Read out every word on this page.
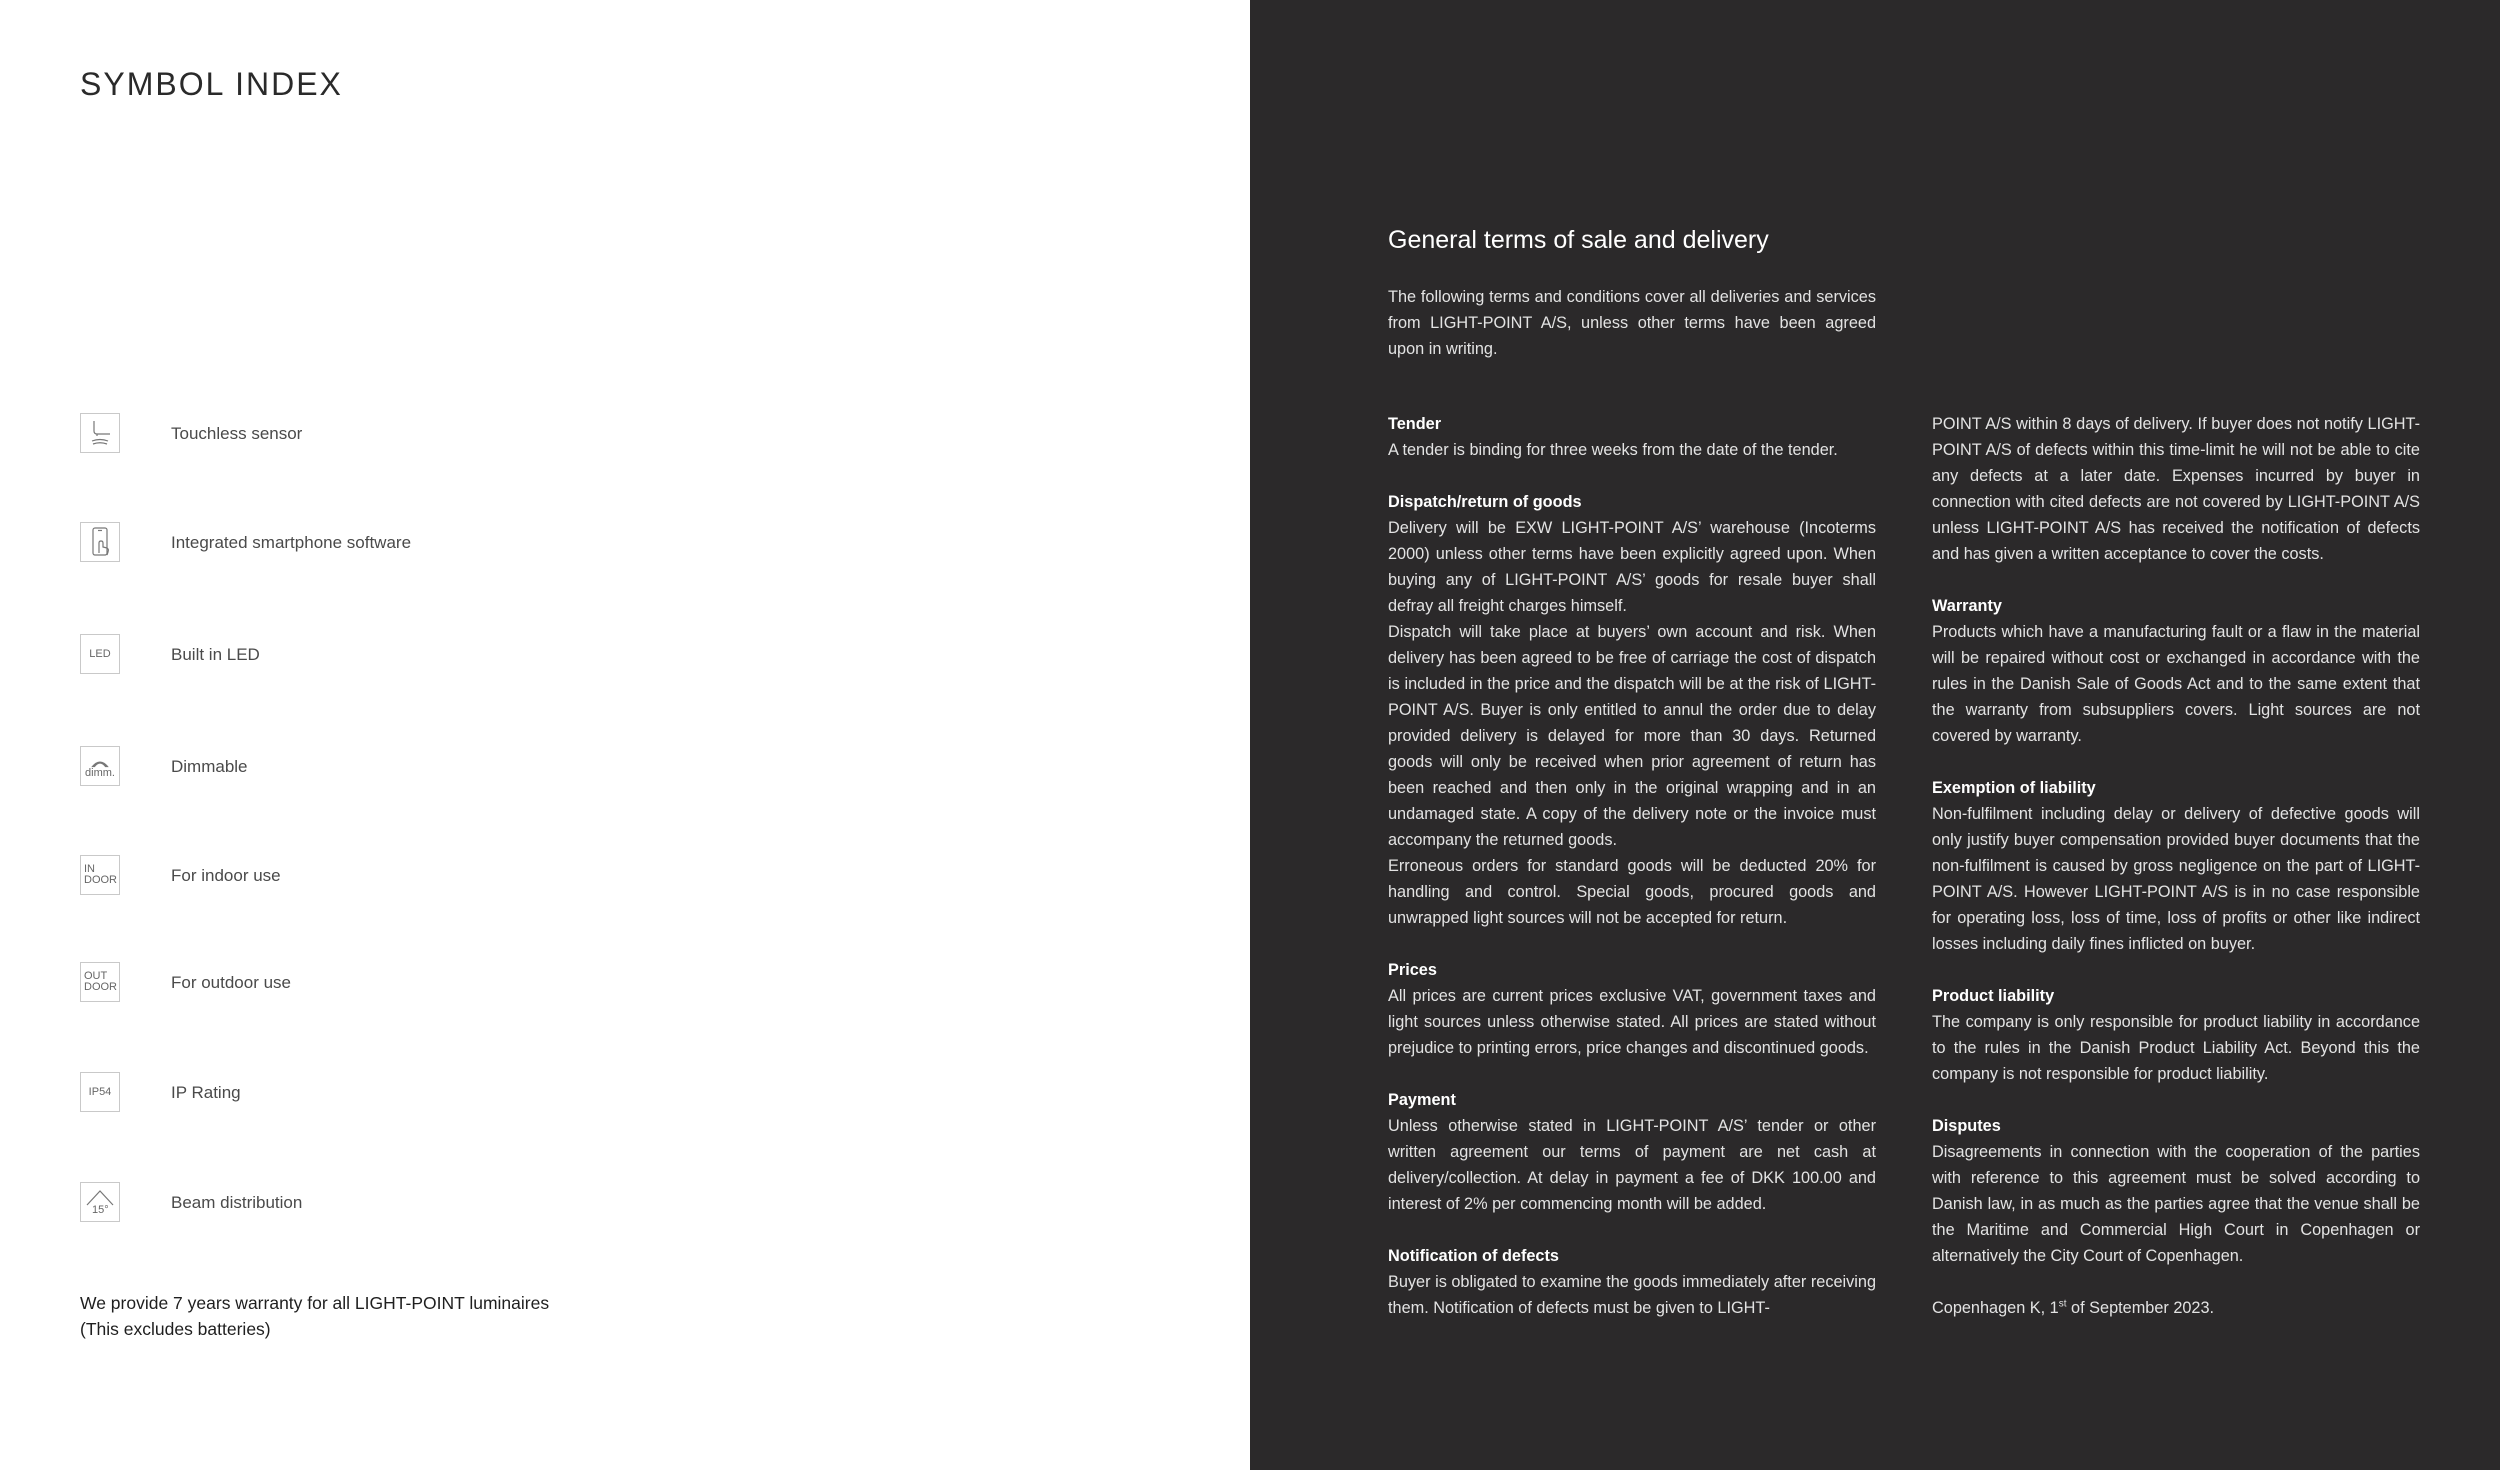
SYMBOL INDEX
Touchless sensor
Integrated smartphone software
LED	Built in LED
dimm.	Dimmable
IN
DOOR	For indoor use
OUT
DOOR	For outdoor use
IP54	IP Rating
15°	Beam distribution
We provide 7 years warranty for all LIGHT-POINT luminaires
(This excludes batteries)
General terms of sale and delivery

The following terms and conditions cover all deliveries and services from LIGHT-POINT A/S, unless other terms have been agreed upon in writing.

Tender

A tender is binding for three weeks from the date of the tender.

Dispatch/return of goods

Delivery will be EXW LIGHT-POINT A/S’ warehouse (Incoterms 2000) unless other terms have been explicitly agreed upon. When buying any of LIGHT-POINT A/S’ goods for resale buyer shall defray all freight charges himself.

Dispatch will take place at buyers’ own account and risk. When delivery has been agreed to be free of carriage the cost of dispatch is included in the price and the dispatch will be at the risk of LIGHT-POINT A/S. Buyer is only entitled to annul the order due to delay provided delivery is delayed for more than 30 days. Returned goods will only be received when prior agreement of return has been reached and then only in the original wrapping and in an undamaged state. A copy of the delivery note or the invoice must accompany the returned goods.

Erroneous orders for standard goods will be deducted 20% for handling and control. Special goods, procured goods and unwrapped light sources will not be accepted for return.

Prices

All prices are current prices exclusive VAT, government taxes and light sources unless otherwise stated. All prices are stated without prejudice to printing errors, price changes and discontinued goods.

Payment

Unless otherwise stated in LIGHT-POINT A/S’ tender or other written agreement our terms of payment are net cash at delivery/collection. At delay in payment a fee of DKK 100.00 and interest of 2% per commencing month will be added.

Notification of defects

Buyer is obligated to examine the goods immediately after receiving them. Notification of defects must be given to LIGHT-

POINT A/S within 8 days of delivery. If buyer does not notify LIGHT-POINT A/S of defects within this time-limit he will not be able to cite any defects at a later date. Expenses incurred by buyer in connection with cited defects are not covered by LIGHT-POINT A/S unless LIGHT-POINT A/S has received the notification of defects and has given a written acceptance to cover the costs.

Warranty

Products which have a manufacturing fault or a flaw in the material will be repaired without cost or exchanged in accordance with the rules in the Danish Sale of Goods Act and to the same extent that the warranty from subsuppliers covers. Light sources are not covered by warranty.

Exemption of liability

Non-fulfilment including delay or delivery of defective goods will only justify buyer compensation provided buyer documents that the non-fulfilment is caused by gross negligence on the part of LIGHT-POINT A/S. However LIGHT-POINT A/S is in no case responsible for operating loss, loss of time, loss of profits or other like indirect losses including daily fines inflicted on buyer.

Product liability

The company is only responsible for product liability in accordance to the rules in the Danish Product Liability Act. Beyond this the company is not responsible for product liability.

Disputes

Disagreements in connection with the cooperation of the parties with reference to this agreement must be solved according to Danish law, in as much as the parties agree that the venue shall be the Maritime and Commercial High Court in Copenhagen or alternatively the City Court of Copenhagen.

Copenhagen K, 1st of September 2023.
